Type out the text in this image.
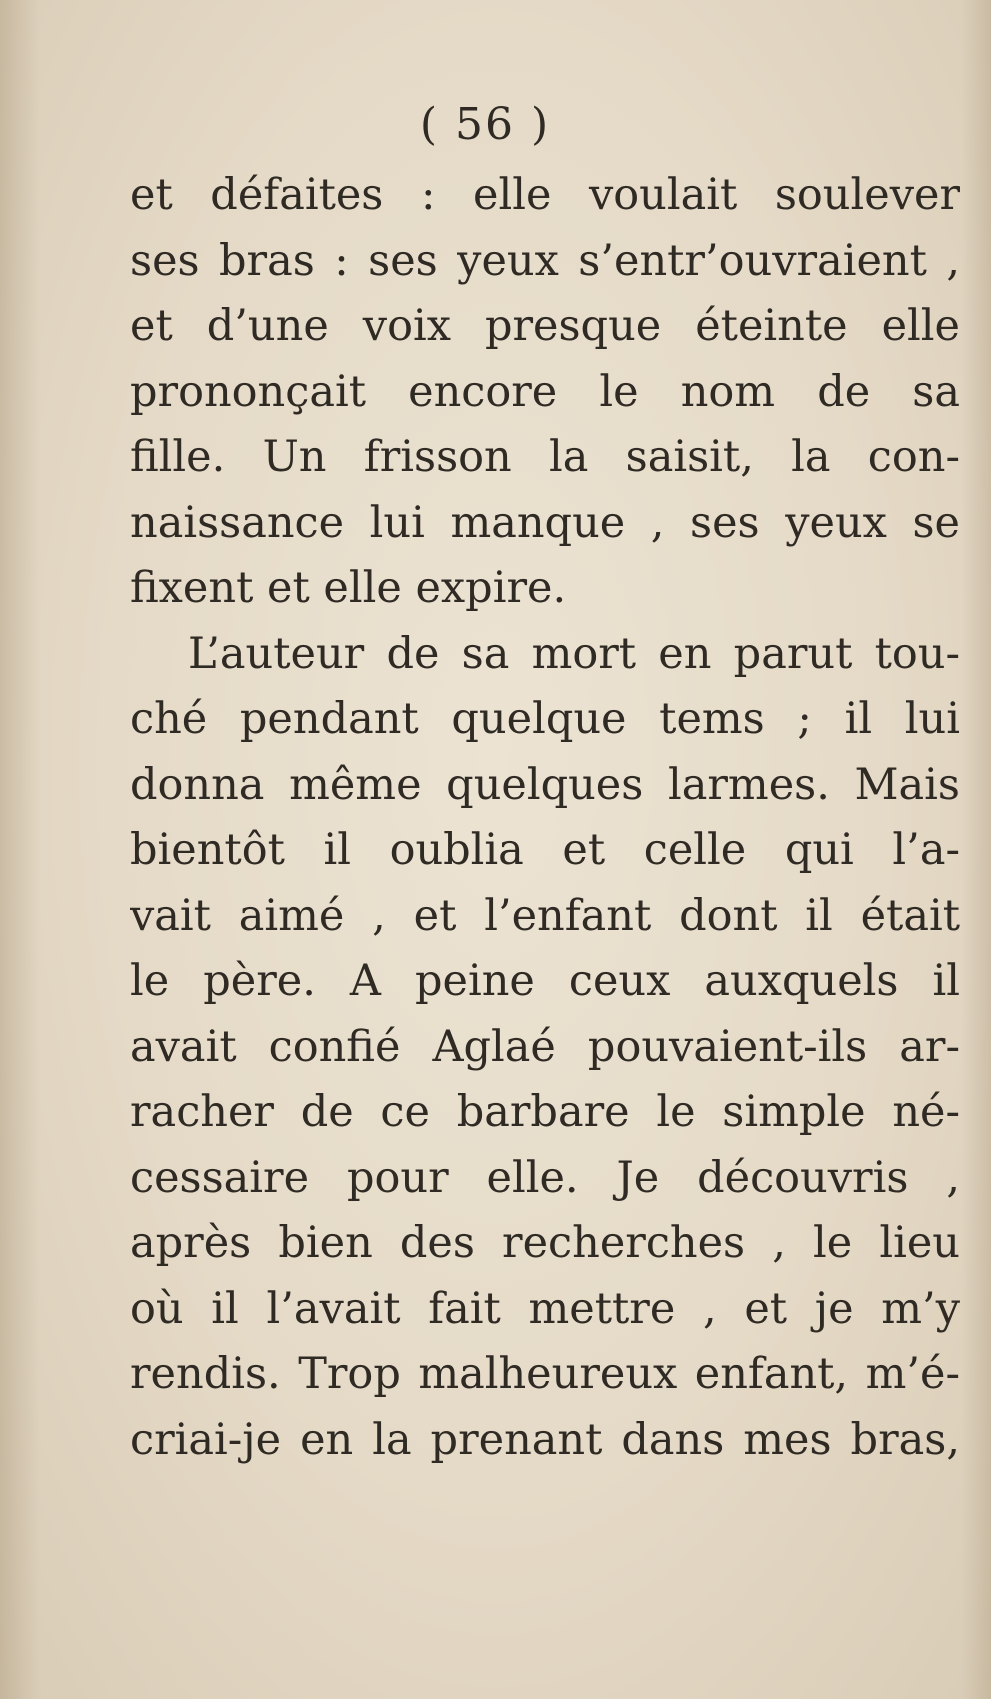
( 56 )
et défaites : elle voulait soulever
ses bras : ses yeux s’entr’ouvraient ,
et d’une voix presque éteinte elle
prononçait encore le nom de sa
fille. Un frisson la saisit, la con-
naissance lui manque , ses yeux se
fixent et elle expire.
L’auteur de sa mort en parut tou-
ché pendant quelque tems ; il lui
donna même quelques larmes. Mais
bientôt il oublia et celle qui l’a-
vait aimé , et l’enfant dont il était
le père. A peine ceux auxquels il
avait confié Aglaé pouvaient-ils ar-
racher de ce barbare le simple né-
cessaire pour elle. Je découvris ,
après bien des recherches , le lieu
où il l’avait fait mettre , et je m’y
rendis. Trop malheureux enfant, m’é-
criai-je en la prenant dans mes bras,
